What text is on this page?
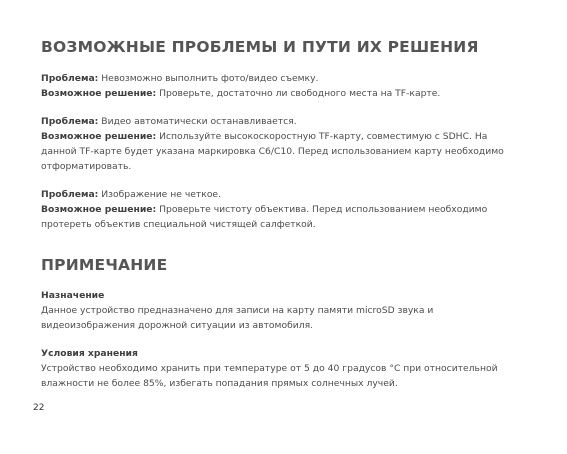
ВОЗМОЖНЫЕ ПРОБЛЕМЫ И ПУТИ ИХ РЕШЕНИЯ
Проблема: Невозможно выполнить фото/видео съемку.
Возможное решение: Проверьте, достаточно ли свободного места на TF-карте.
Проблема: Видео автоматически останавливается.
Возможное решение: Используйте высокоскоростную TF-карту, совместимую с SDHC. На
данной TF-карте будет указана маркировка C6/C10. Перед использованием карту необходимо
отформатировать.
Проблема: Изображение не четкое.
Возможное решение: Проверьте чистоту объектива. Перед использованием необходимо
протереть объектив специальной чистящей салфеткой.
ПРИМЕЧАНИЕ
Назначение
Данное устройство предназначено для записи на карту памяти microSD звука и
видеоизображения дорожной ситуации из автомобиля.
Условия хранения
Устройство необходимо хранить при температуре от 5 до 40 градусов °C при относительной
влажности не более 85%, избегать попадания прямых солнечных лучей.
22
